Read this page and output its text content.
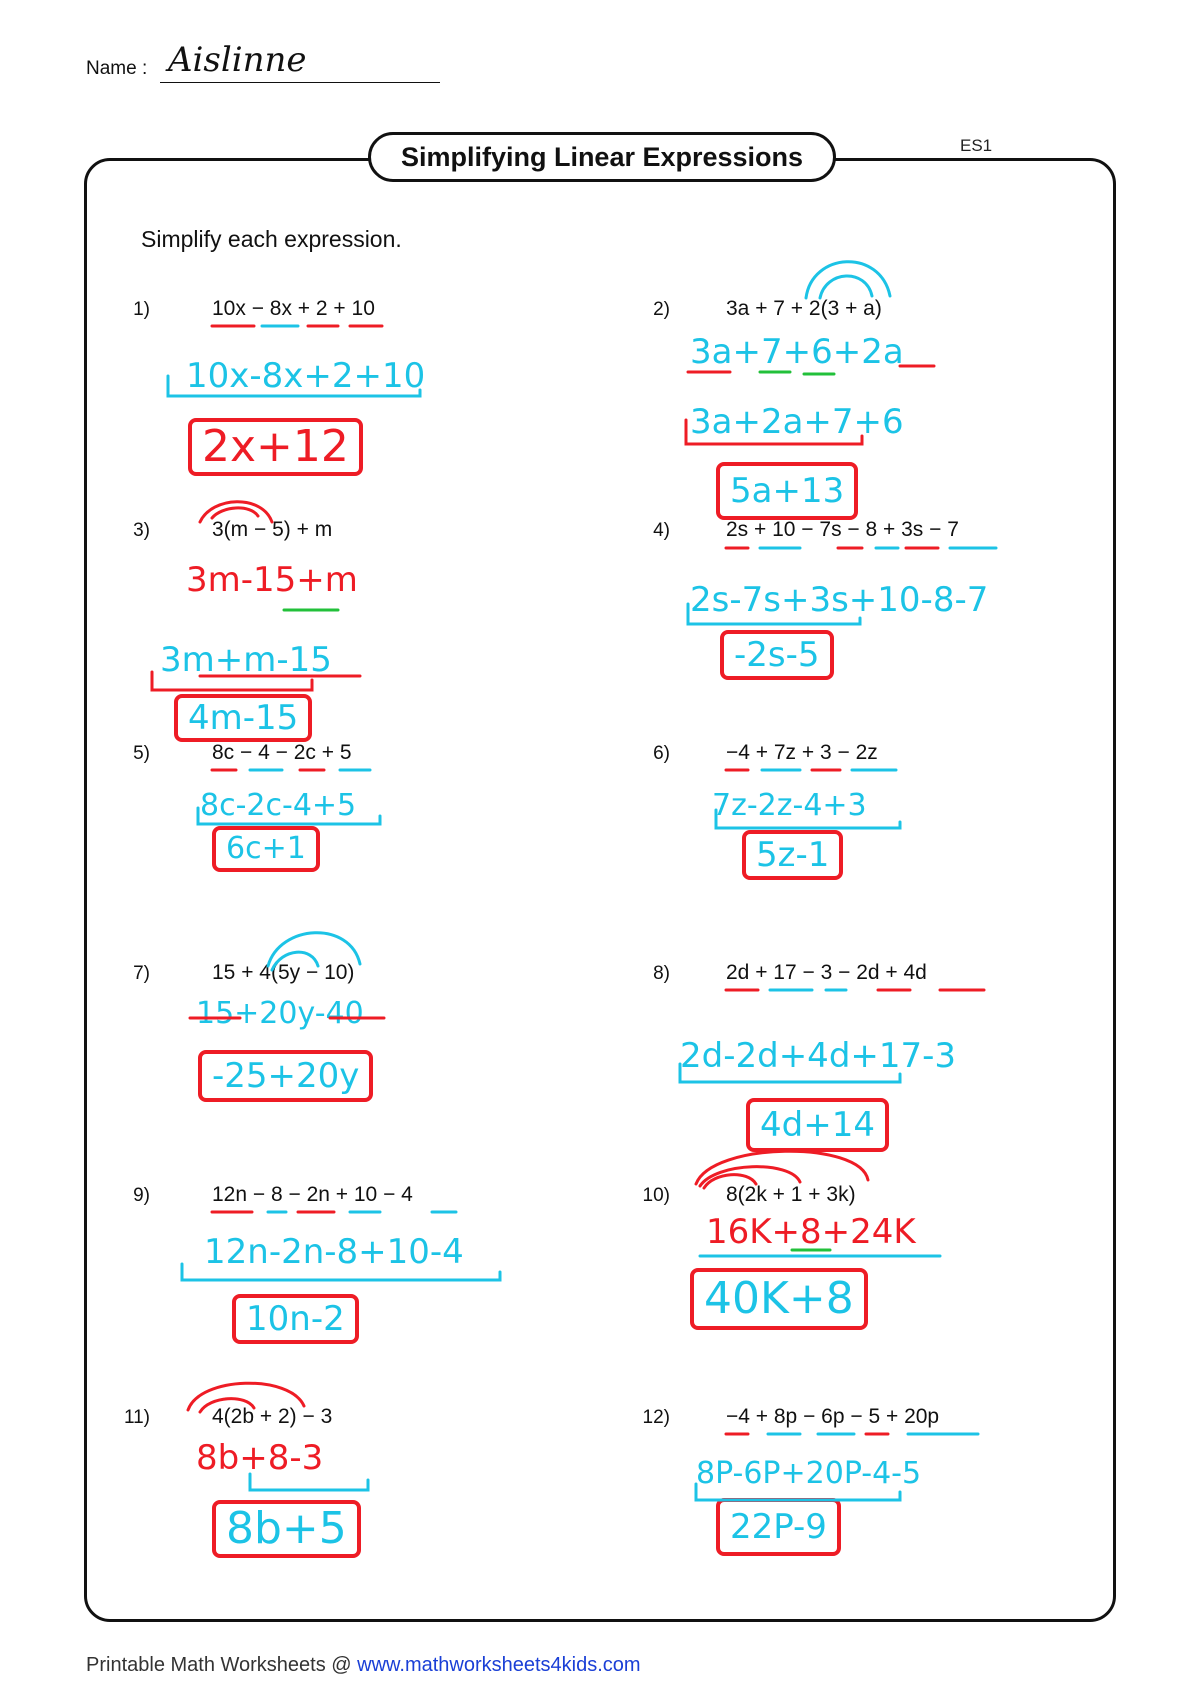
Name : Aislinne
ES1
Simplifying Linear Expressions
Simplify each expression.
1)	10x − 8x + 2 + 10
10x-8x+2+10
2x+12
2)	3a + 7 + 2(3 + a)
3a+7+6+2a
3a+2a+7+6
5a+13
3)	3(m − 5) + m
3m-15+m
3m+m-15
4m-15
4)	2s + 10 − 7s − 8 + 3s − 7
2s-7s+3s+10-8-7
-2s-5
5)	8c − 4 − 2c + 5
8c-2c-4+5
6c+1
6)	−4 + 7z + 3 − 2z
7z-2z-4+3
5z-1
7)	15 + 4(5y − 10)
15+20y-40
-25+20y
8)	2d + 17 − 3 − 2d + 4d
2d-2d+4d+17-3
4d+14
9)	12n − 8 − 2n + 10 − 4
12n-2n-8+10-4
10n-2
10)	8(2k + 1 + 3k)
16K+8+24K
40K+8
11)	4(2b + 2) − 3
8b+8-3
8b+5
12)	−4 + 8p − 6p − 5 + 20p
8P-6P+20P-4-5
22P-9
Printable Math Worksheets @ www.mathworksheets4kids.com
